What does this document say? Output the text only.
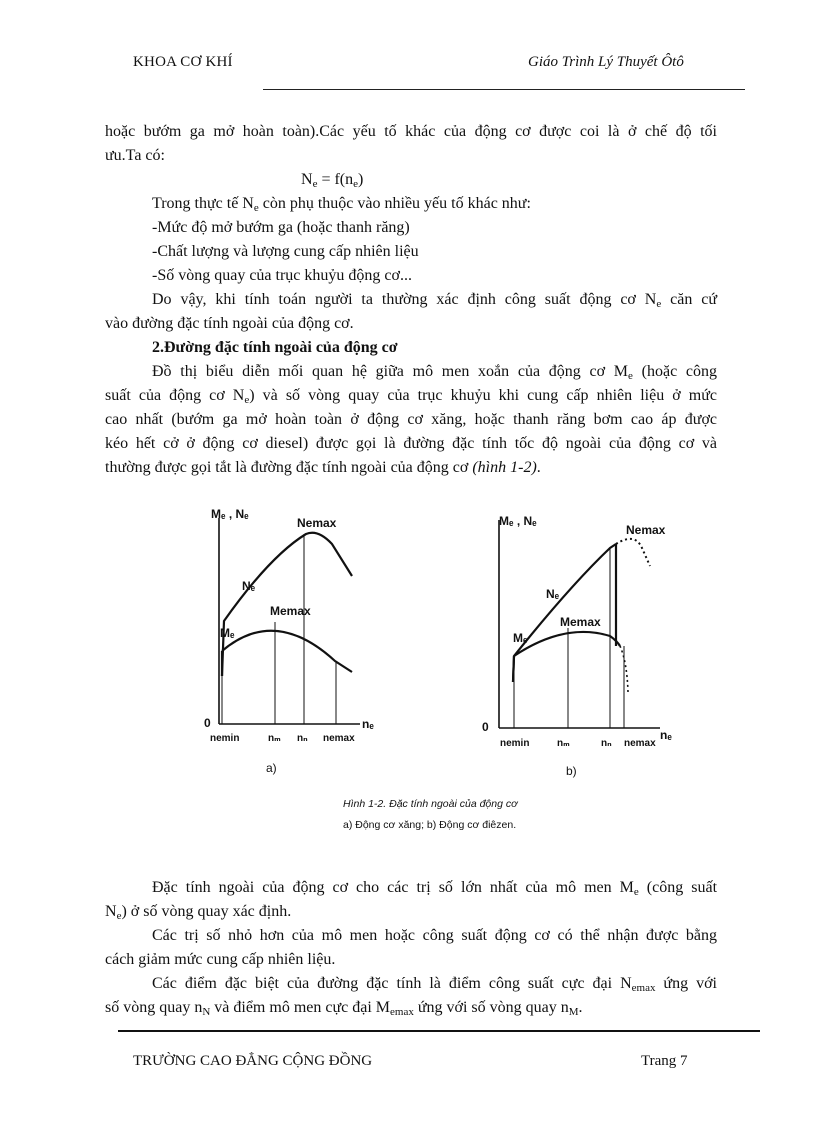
KHOA CƠ KHÍ	Giáo Trình Lý Thuyết Ôtô
hoặc bướm ga mở hoàn toàn).Các yếu tố khác của động cơ được coi là ở chế độ tối
ưu.Ta có:
$N_e = f(n_e)$
Trong thực tế $N_e$ còn phụ thuộc vào nhiều yếu tố khác như:
-Mức độ mở bướm ga (hoặc thanh răng)
-Chất lượng và lượng cung cấp nhiên liệu
-Số vòng quay của trục khuỷu động cơ...
Do vậy, khi tính toán người ta thường xác định công suất động cơ $N_e$ căn cứ
vào đường đặc tính ngoài của động cơ.
2.Đường đặc tính ngoài của động cơ
Đồ thị biểu diễn mối quan hệ giữa mô men xoắn của động cơ $M_e$ (hoặc công
suất của động cơ $N_e$) và số vòng quay của trục khuỷu khi cung cấp nhiên liệu ở mức
cao nhất (bướm ga mở hoàn toàn ở động cơ xăng, hoặc thanh răng bơm cao áp được
kéo hết cở ở động cơ diesel) được gọi là đường đặc tính tốc độ ngoài của động cơ và
thường được gọi tắt là đường đặc tính ngoài của động cơ (hình 1-2).
Mₑ , Nₑ
0	nₑ
Nₑ
Nemax
Mₑ
Memax
nemin	nₘ nₙ nemax
a)
Mₑ , Nₑ
0
nₑ
Nₑ
Nemax
Mₑ
Memax
nemin	nₘ	nₙ nemax
b)
Hình 1-2. Đặc tính ngoài của động cơ
a) Động cơ xăng; b) Động cơ điêzen.
Đặc tính ngoài của động cơ cho các trị số lớn nhất của mô men $M_e$ (công suất
$N_e$) ở số vòng quay xác định.
Các trị số nhỏ hơn của mô men hoặc công suất động cơ có thể nhận được bằng
cách giảm mức cung cấp nhiên liệu.
Các điểm đặc biệt của đường đặc tính là điểm công suất cực đại $N_{emax}$ ứng với
số vòng quay $n_N$ và điểm mô men cực đại $M_{emax}$ ứng với số vòng quay $n_M$.
TRƯỜNG CAO ĐẲNG CỘNG ĐỒNG	Trang 7
